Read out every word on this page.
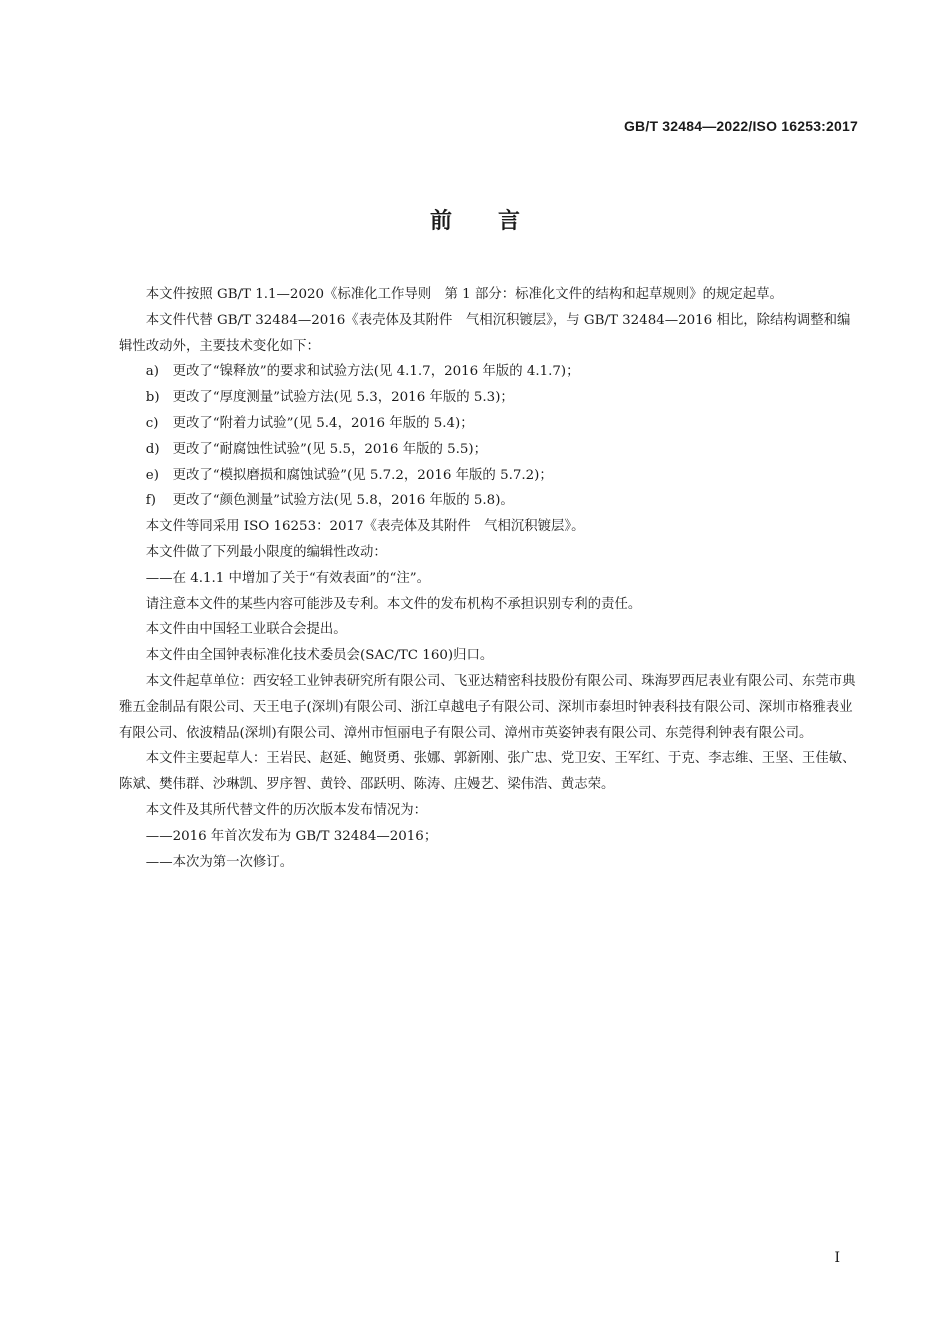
GB/T 32484—2022/ISO 16253:2017
前言

本文件按照 GB/T 1.1—2020《标准化工作导则　第 1 部分：标准化文件的结构和起草规则》的规定起草。

本文件代替 GB/T 32484—2016《表壳体及其附件　气相沉积镀层》，与 GB/T 32484—2016 相比，除结构调整和编辑性改动外，主要技术变化如下：

a) 更改了“镍释放”的要求和试验方法(见 4.1.7，2016 年版的 4.1.7)；

b) 更改了“厚度测量”试验方法(见 5.3，2016 年版的 5.3)；

c) 更改了“附着力试验”(见 5.4，2016 年版的 5.4)；

d) 更改了“耐腐蚀性试验”(见 5.5，2016 年版的 5.5)；

e) 更改了“模拟磨损和腐蚀试验”(见 5.7.2，2016 年版的 5.7.2)；

f) 更改了“颜色测量”试验方法(见 5.8，2016 年版的 5.8)。

本文件等同采用 ISO 16253：2017《表壳体及其附件　气相沉积镀层》。

本文件做了下列最小限度的编辑性改动：

——在 4.1.1 中增加了关于“有效表面”的“注”。

请注意本文件的某些内容可能涉及专利。本文件的发布机构不承担识别专利的责任。

本文件由中国轻工业联合会提出。

本文件由全国钟表标准化技术委员会(SAC/TC 160)归口。

本文件起草单位：西安轻工业钟表研究所有限公司、飞亚达精密科技股份有限公司、珠海罗西尼表业有限公司、东莞市典雅五金制品有限公司、天王电子(深圳)有限公司、浙江卓越电子有限公司、深圳市泰坦时钟表科技有限公司、深圳市格雅表业有限公司、依波精品(深圳)有限公司、漳州市恒丽电子有限公司、漳州市英姿钟表有限公司、东莞得利钟表有限公司。

本文件主要起草人：王岩民、赵延、鲍贤勇、张娜、郭新刚、张广忠、党卫安、王军红、于克、李志维、王坚、王佳敏、陈斌、樊伟群、沙琳凯、罗序智、黄铃、邵跃明、陈涛、庄嫚艺、梁伟浩、黄志荣。

本文件及其所代替文件的历次版本发布情况为：

——2016 年首次发布为 GB/T 32484—2016；

——本次为第一次修订。

I
